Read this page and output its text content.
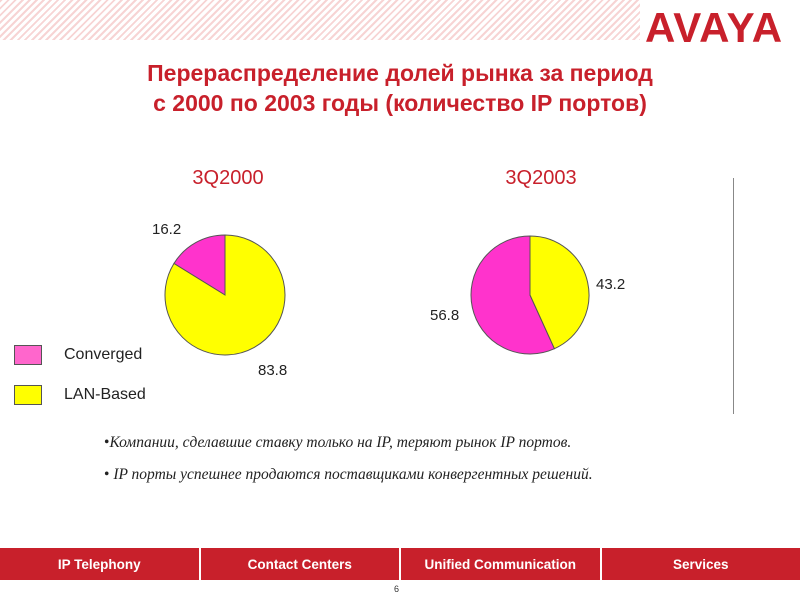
AVAYA
Перераспределение долей рынка за период
с 2000 по 2003 годы (количество IP портов)
3Q2000
16.2
83.8
3Q2003
56.8
43.2
Converged
LAN-Based
•Компании, сделавшие ставку только на IP, теряют рынок IP портов.
• IP порты успешнее продаются поставщиками конвергентных решений.
IP Telephony	Contact Centers	Unified Communication	Services
6
